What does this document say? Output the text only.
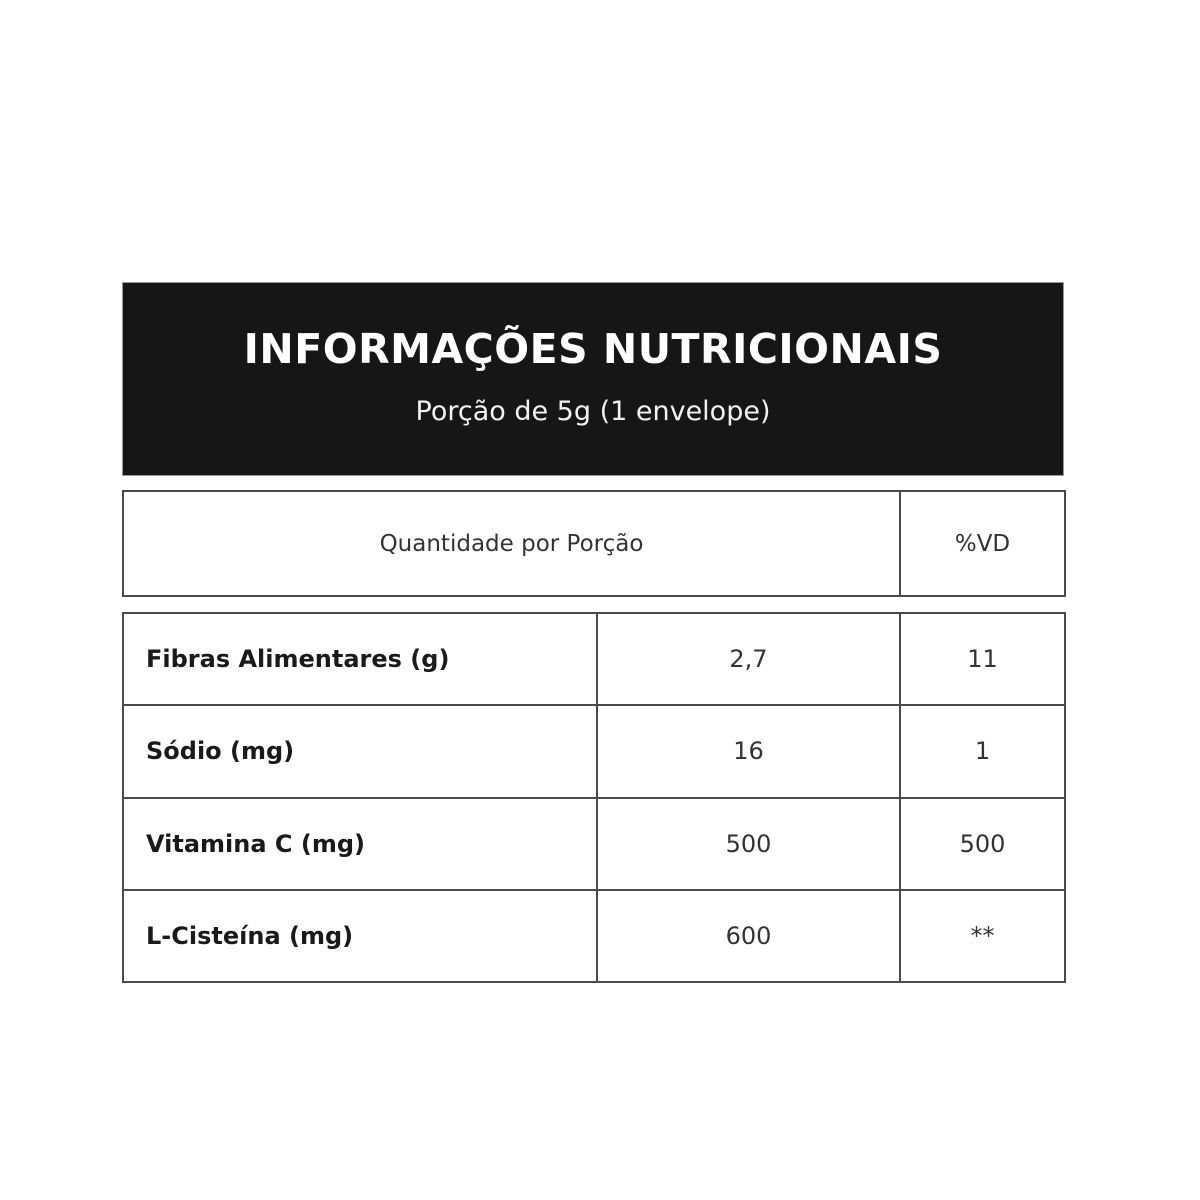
INFORMAÇÕES NUTRICIONAIS
Porção de 5g (1 envelope)
Quantidade por Porção	%VD
Fibras Alimentares (g)	2,7	11
Sódio (mg)	16	1
Vitamina C (mg)	500	500
L-Cisteína (mg)	600	**
